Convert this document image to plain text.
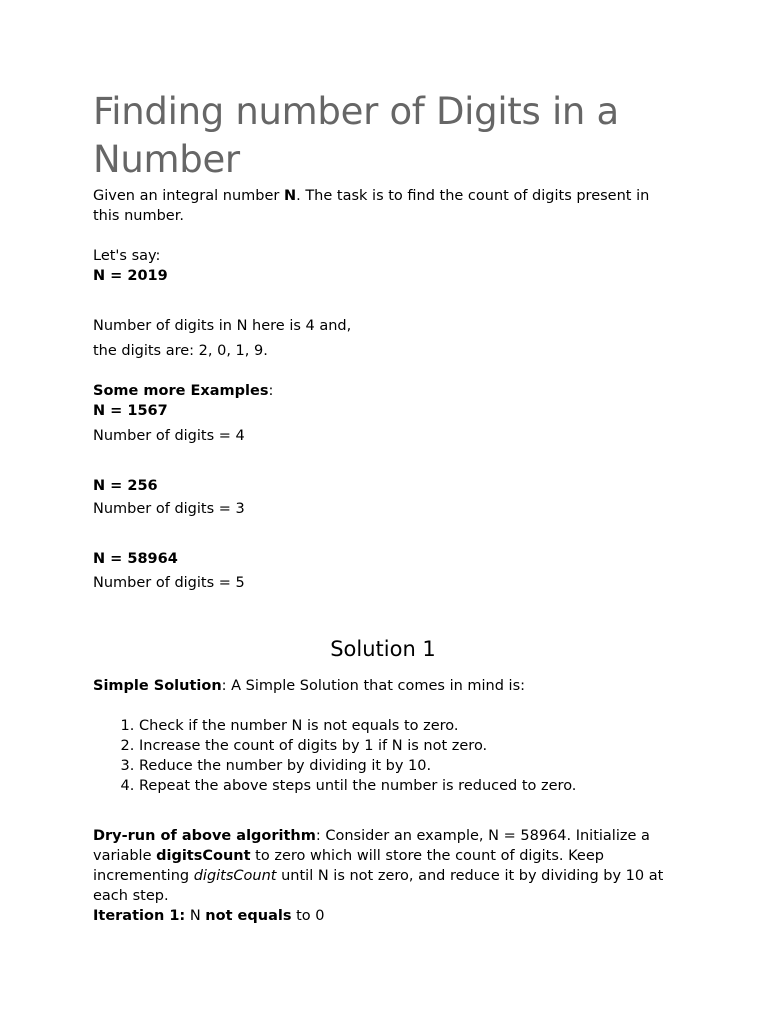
Finding number of Digits in a Number

Given an integral number N. The task is to find the count of digits present in this number.

Let's say:

N = 2019

Number of digits in N here is 4 and,

the digits are: 2, 0, 1, 9.

Some more Examples:

N = 1567

Number of digits = 4

N = 256

Number of digits = 3

N = 58964

Number of digits = 5

Solution 1

Simple Solution: A Simple Solution that comes in mind is:

1. Check if the number N is not equals to zero.
2. Increase the count of digits by 1 if N is not zero.
3. Reduce the number by dividing it by 10.
4. Repeat the above steps until the number is reduced to zero.

Dry-run of above algorithm: Consider an example, N = 58964. Initialize a variable digitsCount to zero which will store the count of digits. Keep incrementing digitsCount until N is not zero, and reduce it by dividing by 10 at each step.

Iteration 1: N not equals to 0
